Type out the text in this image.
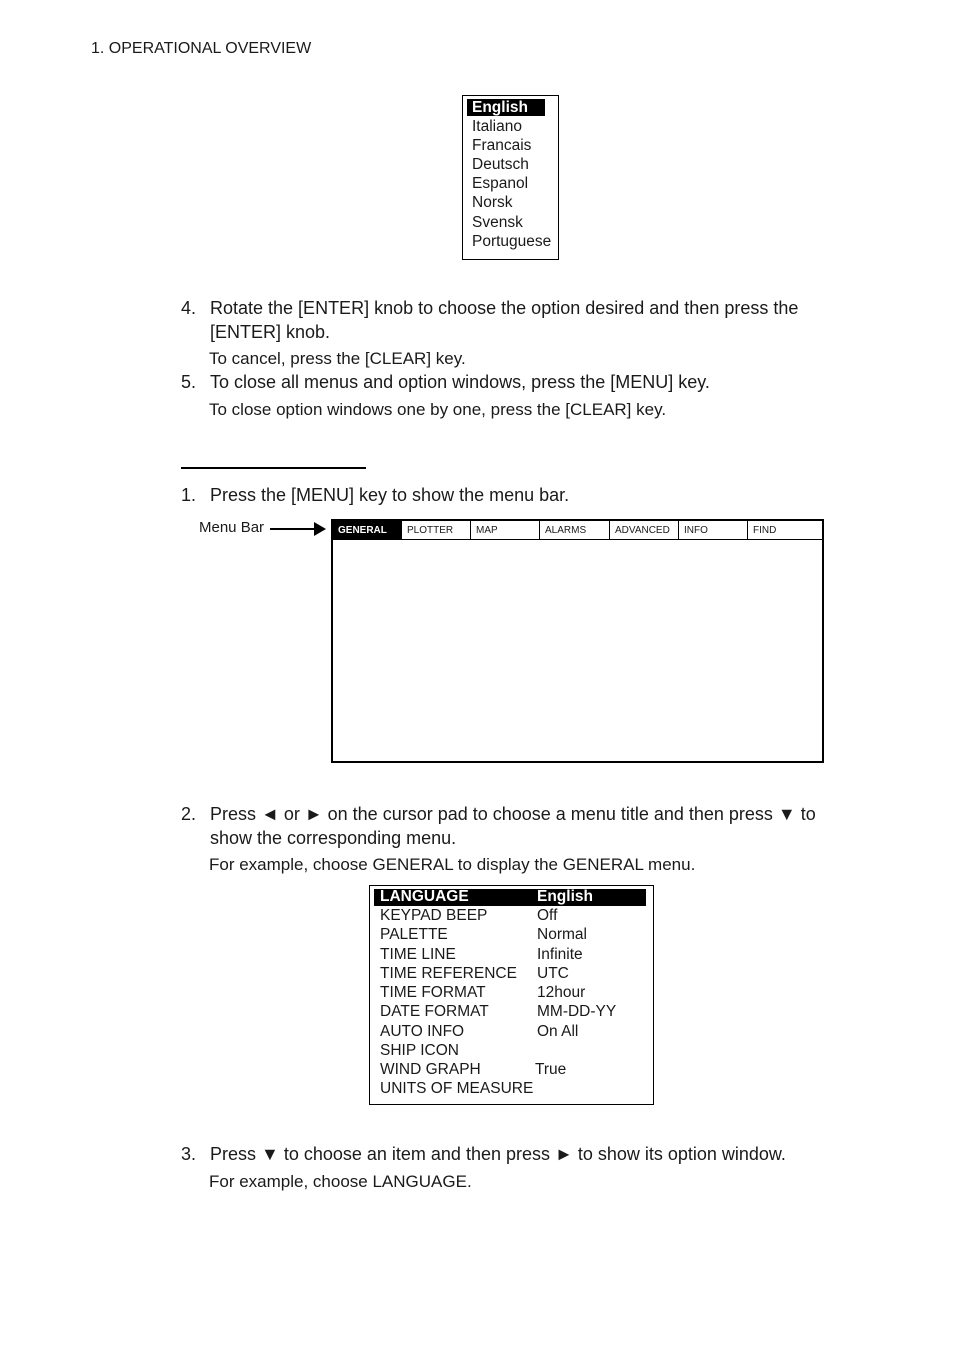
1. OPERATIONAL OVERVIEW
English
Italiano
Francais
Deutsch
Espanol
Norsk
Svensk
Portuguese
4. Rotate the [ENTER] knob to choose the option desired and then press the
[ENTER] knob.
To cancel, press the [CLEAR] key.
5. To close all menus and option windows, press the [MENU] key.
To close option windows one by one, press the [CLEAR] key.
1. Press the [MENU] key to show the menu bar.
Menu Bar	GENERAL	PLOTTER	MAP	ALARMS	ADVANCED	INFO	FIND
2. Press ◄ or ► on the cursor pad to choose a menu title and then press ▼ to
show the corresponding menu.
For example, choose GENERAL to display the GENERAL menu.
LANGUAGE	English
KEYPAD BEEP	Off
PALETTE	Normal
TIME LINE	Infinite
TIME REFERENCE UTC
TIME FORMAT	12hour
DATE FORMAT	MM-DD-YY
AUTO INFO	On All
SHIP ICON
WIND GRAPH	True
UNITS OF MEASURE
3. Press ▼ to choose an item and then press ► to show its option window.
For example, choose LANGUAGE.
